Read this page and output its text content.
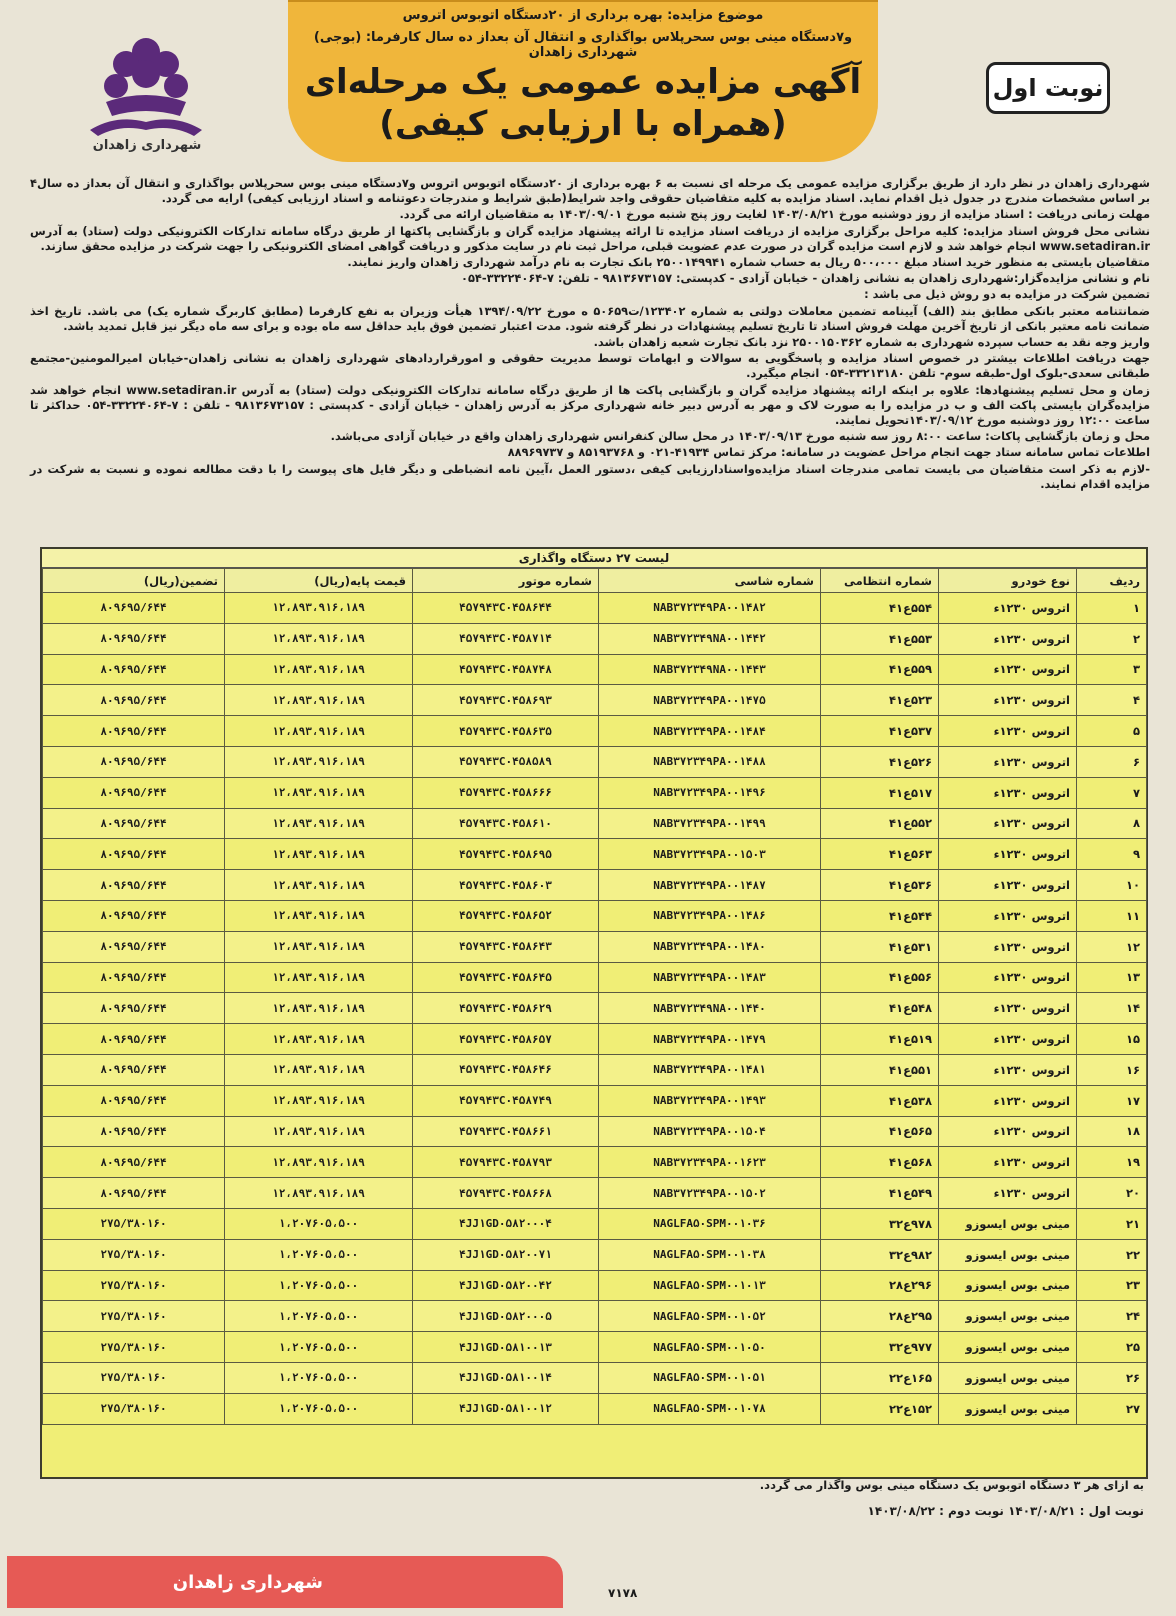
شهرداری زاهدان
موضوع مزایده: بهره برداری از ۲۰دستگاه اتوبوس اتروس
و۷دستگاه مینی بوس سحرپلاس بواگذاری و انتقال آن بعداز ده سال کارفرما: (بوجی) شهرداری زاهدان
آگهی مزایده عمومی یک مرحله‌ای
(همراه با ارزیابی کیفی)
نوبت اول

شهرداری زاهدان در نظر دارد از طریق برگزاری مزایده عمومی یک مرحله ای نسبت به ۶ بهره برداری از ۲۰دستگاه اتوبوس اتروس و۷دستگاه مینی بوس سحرپلاس بواگذاری و انتقال آن بعداز ده سال۴ بر اساس مشخصات مندرج در جدول ذیل اقدام نماید. اسناد مزایده به کلیه متقاضیان حقوقی واجد شرایط(طبق شرایط و مندرجات دعوتنامه و اسناد ارزیابی کیفی) ارایه می گردد.

مهلت زمانی دریافت : اسناد مزایده از روز دوشنبه مورخ ۱۴۰۳/۰۸/۲۱ لغایت روز پنج شنبه مورخ ۱۴۰۳/۰۹/۰۱ به متقاضیان ارائه می گردد.

نشانی محل فروش اسناد مزایده: کلیه مراحل برگزاری مزایده از دریافت اسناد مزایده تا ارائه پیشنهاد مزایده گران و بازگشایی پاکتها از طریق درگاه سامانه تدارکات الکترونیکی دولت (ستاد) به آدرس www.setadiran.ir انجام خواهد شد و لازم است مزایده گران در صورت عدم عضویت قبلی، مراحل ثبت نام در سایت مذکور و دریافت گواهی امضای الکترونیکی را جهت شرکت در مزایده محقق سازند.

متقاضیان بایستی به منظور خرید اسناد مبلغ ۵۰۰،۰۰۰ ریال به حساب شماره ۲۵۰۰۱۴۹۹۴۱ بانک تجارت به نام درآمد شهرداری زاهدان واریز نمایند.

نام و نشانی مزایده‌گزار:شهرداری زاهدان به نشانی زاهدان - خیابان آزادی - کدپستی: ۹۸۱۳۶۷۳۱۵۷ - تلفن: ۷-۳۳۲۲۴۰۶۴-۰۵۴

تضمین شرکت در مزایده به دو روش ذیل می باشد :

ضمانتنامه معتبر بانکی مطابق بند (الف) آیینامه تضمین معاملات دولتی به شماره ۱۲۳۴۰۲/ت۵۰۶۵۹ ه مورخ ۱۳۹۴/۰۹/۲۲ هیأت وزیران به نفع کارفرما (مطابق کاربرگ شماره یک) می باشد. تاریخ اخذ ضمانت نامه معتبر بانکی از تاریخ آخرین مهلت فروش اسناد تا تاریخ تسلیم پیشنهادات در نظر گرفته شود. مدت اعتبار تضمین فوق باید حداقل سه ماه بوده و برای سه ماه دیگر نیز قابل تمدید باشد.

واریز وجه نقد به حساب سپرده شهرداری به شماره ۲۵۰۰۱۵۰۳۶۲ نزد بانک تجارت شعبه زاهدان باشد.

جهت دریافت اطلاعات بیشتر در خصوص اسناد مزایده و پاسخگویی به سوالات و ابهامات توسط مدیریت حقوقی و امورقراردادهای شهرداری زاهدان به نشانی زاهدان-خیابان امیرالمومنین-مجتمع طبقاتی سعدی-بلوک اول-طبقه سوم- تلفن ۳۳۲۱۳۱۸۰-۰۵۴ انجام میگیرد.

زمان و محل تسلیم پیشنهادها: علاوه بر اینکه ارائه پیشنهاد مزایده گران و بازگشایی پاکت ها از طریق درگاه سامانه تدارکات الکترونیکی دولت (ستاد) به آدرس www.setadiran.ir انجام خواهد شد مزایده‌گران بایستی پاکت الف و ب در مزایده را به صورت لاک و مهر به آدرس دبیر خانه شهرداری مرکز به آدرس زاهدان - خیابان آزادی - کدپستی : ۹۸۱۳۶۷۳۱۵۷ - تلفن : ۷-۳۳۲۲۴۰۶۴-۰۵۴ حداکثر تا ساعت ۱۲:۰۰ روز دوشنبه مورخ ۱۴۰۳/۰۹/۱۲تحویل نمایند.

محل و زمان بازگشایی پاکات: ساعت ۸:۰۰ روز سه شنبه مورخ ۱۴۰۳/۰۹/۱۳ در محل سالن کنفرانس شهرداری زاهدان واقع در خیابان آزادی می‌باشد.

اطلاعات تماس سامانه ستاد جهت انجام مراحل عضویت در سامانه: مرکز تماس ۴۱۹۳۴-۰۲۱ و ۸۵۱۹۳۷۶۸ و ۸۸۹۶۹۷۳۷

-لازم به ذکر است متقاضیان می بایست تمامی مندرجات اسناد مزایده‌واسناد‌ارزیابی کیفی ،دستور العمل ،آیین نامه انضباطی و دیگر فایل های پیوست را با دقت مطالعه نموده و نسبت به شرکت در مزایده اقدام نمایند.

لیست ۲۷ دستگاه واگذاری
ردیف	نوع خودرو	شماره انتظامی	شماره شاسی	شماره موتور	قیمت پایه(ریال)	تضمین(ریال)
۱	اتروس ۱۲۳۰ء	۵۵۴ع۴۱	NAB۳۷۲۳۴۹PA۰۰۱۴۸۲	۴۵۷۹۴۳C۰۴۵۸۶۴۴	۱۲،۸۹۳،۹۱۶،۱۸۹	۸۰۹۶۹۵/۶۴۴
۲	اتروس ۱۲۳۰ء	۵۵۳ع۴۱	NAB۳۷۲۳۴۹NA۰۰۱۴۴۲	۴۵۷۹۴۳C۰۴۵۸۷۱۴	۱۲،۸۹۳،۹۱۶،۱۸۹	۸۰۹۶۹۵/۶۴۴
۳	اتروس ۱۲۳۰ء	۵۵۹ع۴۱	NAB۳۷۲۳۴۹NA۰۰۱۴۴۳	۴۵۷۹۴۳C۰۴۵۸۷۴۸	۱۲،۸۹۳،۹۱۶،۱۸۹	۸۰۹۶۹۵/۶۴۴
۴	اتروس ۱۲۳۰ء	۵۲۳ع۴۱	NAB۳۷۲۳۴۹PA۰۰۱۴۷۵	۴۵۷۹۴۳C۰۴۵۸۶۹۳	۱۲،۸۹۳،۹۱۶،۱۸۹	۸۰۹۶۹۵/۶۴۴
۵	اتروس ۱۲۳۰ء	۵۳۷ع۴۱	NAB۳۷۲۳۴۹PA۰۰۱۴۸۴	۴۵۷۹۴۳C۰۴۵۸۶۳۵	۱۲،۸۹۳،۹۱۶،۱۸۹	۸۰۹۶۹۵/۶۴۴
۶	اتروس ۱۲۳۰ء	۵۲۶ع۴۱	NAB۳۷۲۳۴۹PA۰۰۱۴۸۸	۴۵۷۹۴۳C۰۴۵۸۵۸۹	۱۲،۸۹۳،۹۱۶،۱۸۹	۸۰۹۶۹۵/۶۴۴
۷	اتروس ۱۲۳۰ء	۵۱۷ع۴۱	NAB۳۷۲۳۴۹PA۰۰۱۴۹۶	۴۵۷۹۴۳C۰۴۵۸۶۶۶	۱۲،۸۹۳،۹۱۶،۱۸۹	۸۰۹۶۹۵/۶۴۴
۸	اتروس ۱۲۳۰ء	۵۵۲ع۴۱	NAB۳۷۲۳۴۹PA۰۰۱۴۹۹	۴۵۷۹۴۳C۰۴۵۸۶۱۰	۱۲،۸۹۳،۹۱۶،۱۸۹	۸۰۹۶۹۵/۶۴۴
۹	اتروس ۱۲۳۰ء	۵۶۳ع۴۱	NAB۳۷۲۳۴۹PA۰۰۱۵۰۳	۴۵۷۹۴۳C۰۴۵۸۶۹۵	۱۲،۸۹۳،۹۱۶،۱۸۹	۸۰۹۶۹۵/۶۴۴
۱۰	اتروس ۱۲۳۰ء	۵۳۶ع۴۱	NAB۳۷۲۳۴۹PA۰۰۱۴۸۷	۴۵۷۹۴۳C۰۴۵۸۶۰۳	۱۲،۸۹۳،۹۱۶،۱۸۹	۸۰۹۶۹۵/۶۴۴
۱۱	اتروس ۱۲۳۰ء	۵۴۴ع۴۱	NAB۳۷۲۳۴۹PA۰۰۱۴۸۶	۴۵۷۹۴۳C۰۴۵۸۶۵۲	۱۲،۸۹۳،۹۱۶،۱۸۹	۸۰۹۶۹۵/۶۴۴
۱۲	اتروس ۱۲۳۰ء	۵۳۱ع۴۱	NAB۳۷۲۳۴۹PA۰۰۱۴۸۰	۴۵۷۹۴۳C۰۴۵۸۶۴۳	۱۲،۸۹۳،۹۱۶،۱۸۹	۸۰۹۶۹۵/۶۴۴
۱۳	اتروس ۱۲۳۰ء	۵۵۶ع۴۱	NAB۳۷۲۳۴۹PA۰۰۱۴۸۳	۴۵۷۹۴۳C۰۴۵۸۶۴۵	۱۲،۸۹۳،۹۱۶،۱۸۹	۸۰۹۶۹۵/۶۴۴
۱۴	اتروس ۱۲۳۰ء	۵۴۸ع۴۱	NAB۳۷۲۳۴۹NA۰۰۱۴۴۰	۴۵۷۹۴۳C۰۴۵۸۶۲۹	۱۲،۸۹۳،۹۱۶،۱۸۹	۸۰۹۶۹۵/۶۴۴
۱۵	اتروس ۱۲۳۰ء	۵۱۹ع۴۱	NAB۳۷۲۳۴۹PA۰۰۱۴۷۹	۴۵۷۹۴۳C۰۴۵۸۶۵۷	۱۲،۸۹۳،۹۱۶،۱۸۹	۸۰۹۶۹۵/۶۴۴
۱۶	اتروس ۱۲۳۰ء	۵۵۱ع۴۱	NAB۳۷۲۳۴۹PA۰۰۱۴۸۱	۴۵۷۹۴۳C۰۴۵۸۶۴۶	۱۲،۸۹۳،۹۱۶،۱۸۹	۸۰۹۶۹۵/۶۴۴
۱۷	اتروس ۱۲۳۰ء	۵۳۸ع۴۱	NAB۳۷۲۳۴۹PA۰۰۱۴۹۳	۴۵۷۹۴۳C۰۴۵۸۷۴۹	۱۲،۸۹۳،۹۱۶،۱۸۹	۸۰۹۶۹۵/۶۴۴
۱۸	اتروس ۱۲۳۰ء	۵۶۵ع۴۱	NAB۳۷۲۳۴۹PA۰۰۱۵۰۴	۴۵۷۹۴۳C۰۴۵۸۶۶۱	۱۲،۸۹۳،۹۱۶،۱۸۹	۸۰۹۶۹۵/۶۴۴
۱۹	اتروس ۱۲۳۰ء	۵۶۸ع۴۱	NAB۳۷۲۳۴۹PA۰۰۱۶۲۳	۴۵۷۹۴۳C۰۴۵۸۷۹۳	۱۲،۸۹۳،۹۱۶،۱۸۹	۸۰۹۶۹۵/۶۴۴
۲۰	اتروس ۱۲۳۰ء	۵۴۹ع۴۱	NAB۳۷۲۳۴۹PA۰۰۱۵۰۲	۴۵۷۹۴۳C۰۴۵۸۶۶۸	۱۲،۸۹۳،۹۱۶،۱۸۹	۸۰۹۶۹۵/۶۴۴
۲۱	مینی بوس ایسوزو	۹۷۸ع۳۲	NAGLFA۵۰SPM۰۰۱۰۳۶	۴JJ۱GD۰۵۸۲۰۰۰۴	۱،۲۰۷۶۰۵،۵۰۰	۲۷۵/۳۸۰۱۶۰
۲۲	مینی بوس ایسوزو	۹۸۲ع۳۲	NAGLFA۵۰SPM۰۰۱۰۳۸	۴JJ۱GD۰۵۸۲۰۰۷۱	۱،۲۰۷۶۰۵،۵۰۰	۲۷۵/۳۸۰۱۶۰
۲۳	مینی بوس ایسوزو	۲۹۶ع۲۸	NAGLFA۵۰SPM۰۰۱۰۱۳	۴JJ۱GD۰۵۸۲۰۰۴۲	۱،۲۰۷۶۰۵،۵۰۰	۲۷۵/۳۸۰۱۶۰
۲۴	مینی بوس ایسوزو	۲۹۵ع۲۸	NAGLFA۵۰SPM۰۰۱۰۵۲	۴JJ۱GD۰۵۸۲۰۰۰۵	۱،۲۰۷۶۰۵،۵۰۰	۲۷۵/۳۸۰۱۶۰
۲۵	مینی بوس ایسوزو	۹۷۷ع۳۲	NAGLFA۵۰SPM۰۰۱۰۵۰	۴JJ۱GD۰۵۸۱۰۰۱۳	۱،۲۰۷۶۰۵،۵۰۰	۲۷۵/۳۸۰۱۶۰
۲۶	مینی بوس ایسوزو	۱۶۵ع۲۲	NAGLFA۵۰SPM۰۰۱۰۵۱	۴JJ۱GD۰۵۸۱۰۰۱۴	۱،۲۰۷۶۰۵،۵۰۰	۲۷۵/۳۸۰۱۶۰
۲۷	مینی بوس ایسوزو	۱۵۲ع۲۲	NAGLFA۵۰SPM۰۰۱۰۷۸	۴JJ۱GD۰۵۸۱۰۰۱۲	۱،۲۰۷۶۰۵،۵۰۰	۲۷۵/۳۸۰۱۶۰
به ازای هر ۳ دستگاه اتوبوس یک دستگاه مینی بوس واگذار می گردد.
نوبت اول : ۱۴۰۳/۰۸/۲۱ نوبت دوم : ۱۴۰۳/۰۸/۲۲
شهرداری زاهدان	۷۱۷۸
